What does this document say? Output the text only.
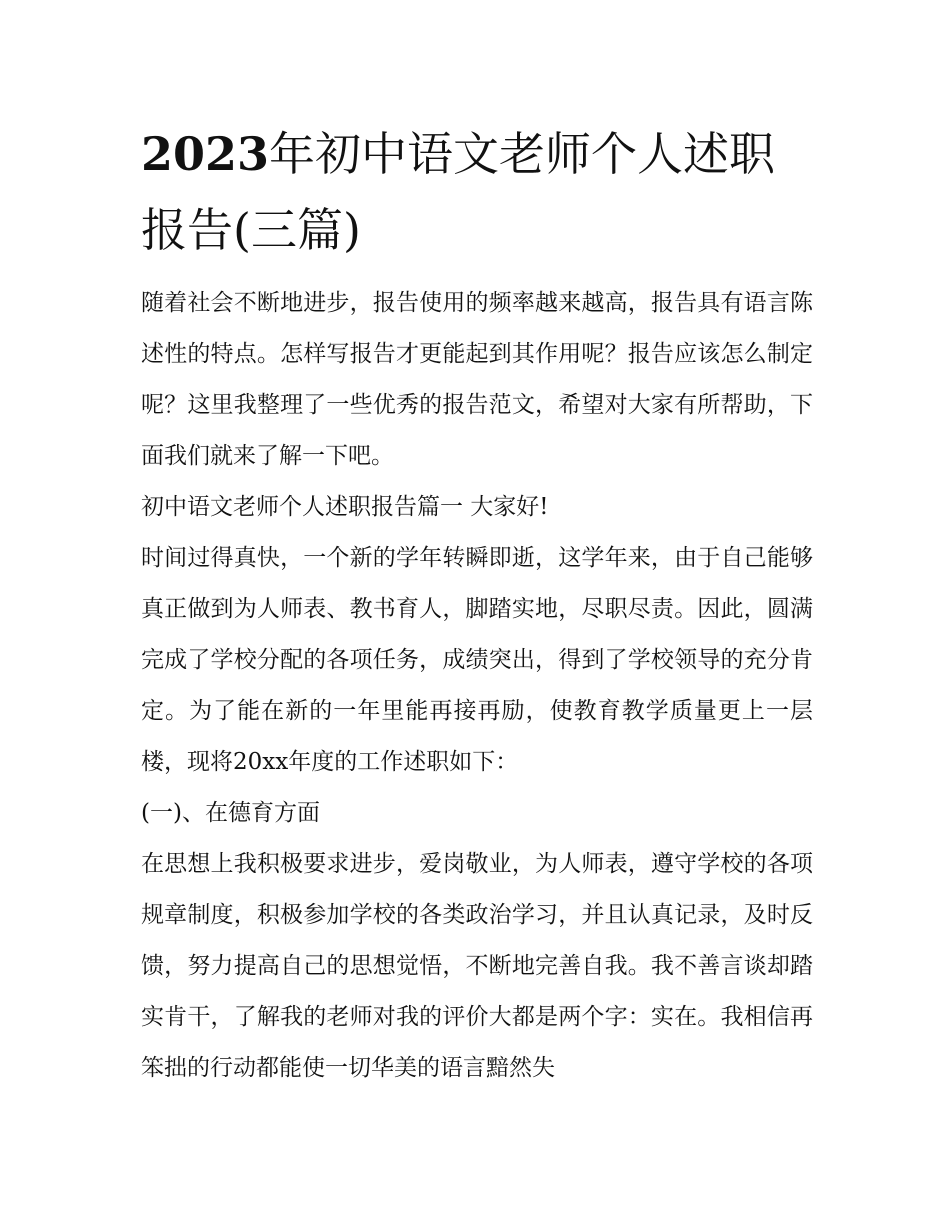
2023年初中语文老师个人述职报告(三篇)

随着社会不断地进步，报告使用的频率越来越高，报告具有语言陈述性的特点。怎样写报告才更能起到其作用呢？报告应该怎么制定呢？这里我整理了一些优秀的报告范文，希望对大家有所帮助，下面我们就来了解一下吧。

初中语文老师个人述职报告篇一 大家好!

时间过得真快，一个新的学年转瞬即逝，这学年来，由于自己能够真正做到为人师表、教书育人，脚踏实地，尽职尽责。因此，圆满完成了学校分配的各项任务，成绩突出，得到了学校领导的充分肯定。为了能在新的一年里能再接再励，使教育教学质量更上一层楼，现将20xx年度的工作述职如下：

(一)、在德育方面

在思想上我积极要求进步，爱岗敬业，为人师表，遵守学校的各项规章制度，积极参加学校的各类政治学习，并且认真记录，及时反馈，努力提高自己的思想觉悟，不断地完善自我。我不善言谈却踏实肯干，了解我的老师对我的评价大都是两个字：实在。我相信再笨拙的行动都能使一切华美的语言黯然失
